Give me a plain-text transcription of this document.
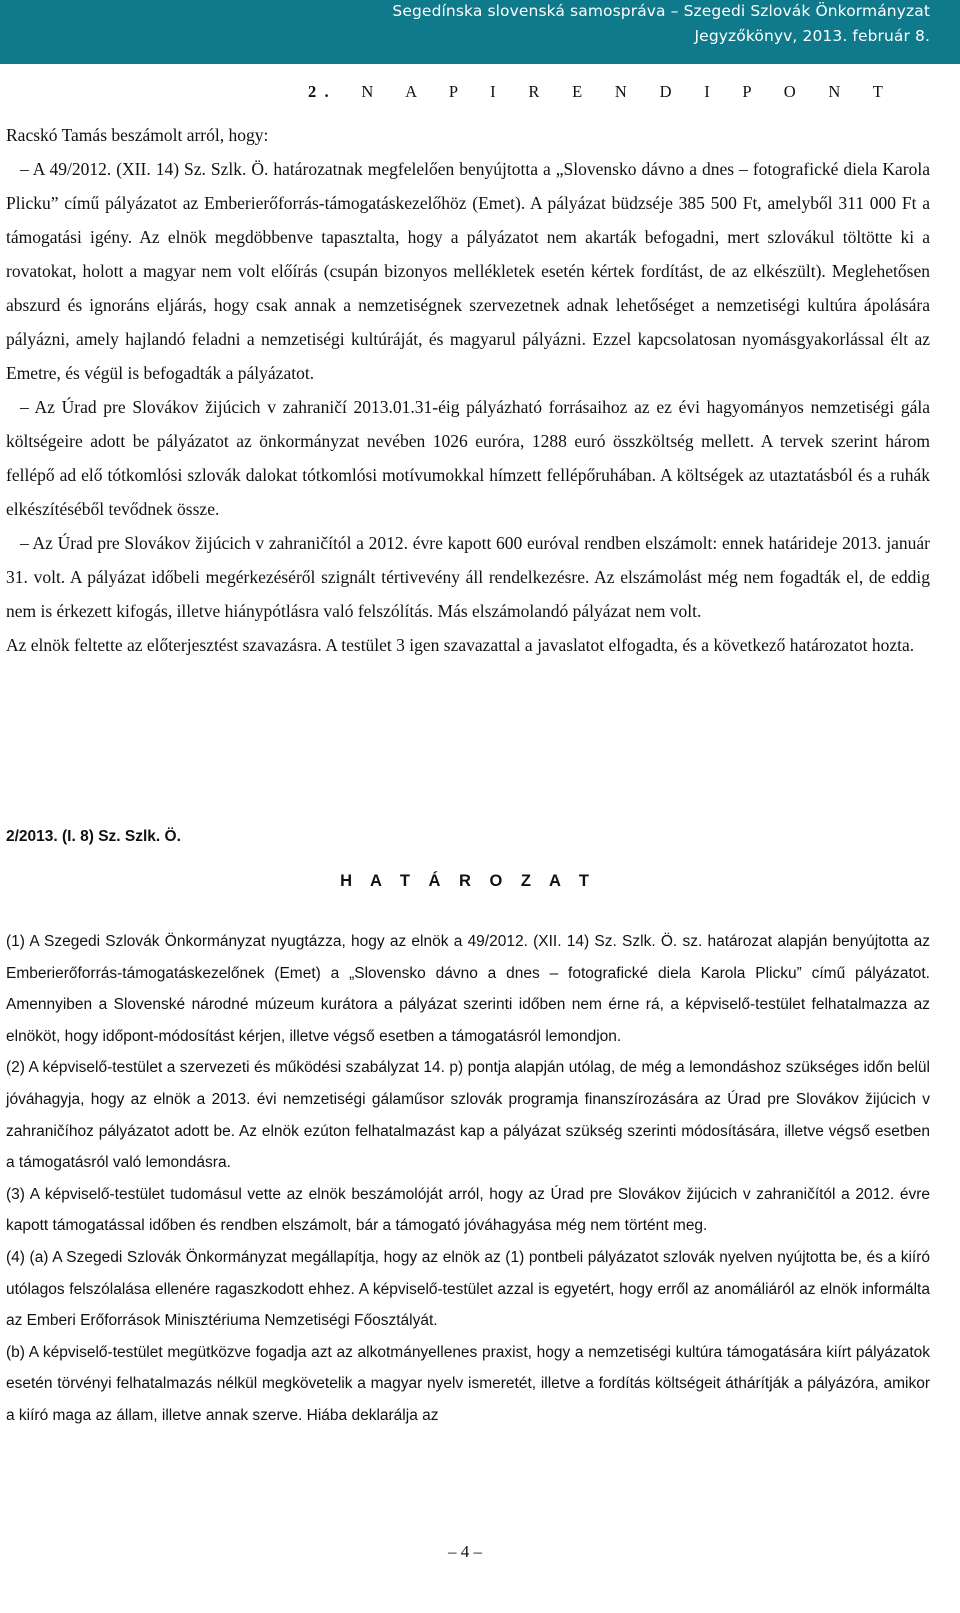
Segedínska slovenská samospráva – Szegedi Szlovák Önkormányzat
Jegyzőkönyv, 2013. február 8.
2. N A P I R E N D I P O N T

Racskó Tamás beszámolt arról, hogy:

– A 49/2012. (XII. 14) Sz. Szlk. Ö. határozatnak megfelelően benyújtotta a „Slovensko dávno a dnes – fotografické diela Karola Plicku” című pályázatot az Emberierőforrás-támogatáskezelőhöz (Emet). A pályázat büdzséje 385 500 Ft, amelyből 311 000 Ft a támogatási igény. Az elnök megdöbbenve tapasztalta, hogy a pályázatot nem akarták befogadni, mert szlovákul töltötte ki a rovatokat, holott a magyar nem volt előírás (csupán bizonyos mellékletek esetén kértek fordítást, de az elkészült). Meglehetősen abszurd és ignoráns eljárás, hogy csak annak a nemzetiségnek szervezetnek adnak lehetőséget a nemzetiségi kultúra ápolására pályázni, amely hajlandó feladni a nemzetiségi kultúráját, és magyarul pályázni. Ezzel kapcsolatosan nyomásgyakorlással élt az Emetre, és végül is befogadták a pályázatot.

– Az Úrad pre Slovákov žijúcich v zahraničí 2013.01.31-éig pályázható forrásaihoz az ez évi hagyományos nemzetiségi gála költségeire adott be pályázatot az önkormányzat nevében 1026 euróra, 1288 euró összköltség mellett. A tervek szerint három fellépő ad elő tótkomlósi szlovák dalokat tótkomlósi motívumokkal hímzett fellépőruhában. A költségek az utaztatásból és a ruhák elkészítéséből tevődnek össze.

– Az Úrad pre Slovákov žijúcich v zahraničítól a 2012. évre kapott 600 euróval rendben elszámolt: ennek határideje 2013. január 31. volt. A pályázat időbeli megérkezéséről szignált tértivevény áll rendelkezésre. Az elszámolást még nem fogadták el, de eddig nem is érkezett kifogás, illetve hiánypótlásra való felszólítás. Más elszámolandó pályázat nem volt.

Az elnök feltette az előterjesztést szavazásra. A testület 3 igen szavazattal a javaslatot elfogadta, és a következő határozatot hozta.

2/2013. (I. 8) Sz. Szlk. Ö.
H A T Á R O Z A T

(1) A Szegedi Szlovák Önkormányzat nyugtázza, hogy az elnök a 49/2012. (XII. 14) Sz. Szlk. Ö. sz. határozat alapján benyújtotta az Emberierőforrás-támogatáskezelőnek (Emet) a „Slovensko dávno a dnes – fotografické diela Karola Plicku” című pályázatot. Amennyiben a Slovenské národné múzeum kurátora a pályázat szerinti időben nem érne rá, a képviselő-testület felhatalmazza az elnököt, hogy időpont-módosítást kérjen, illetve végső esetben a támogatásról lemondjon.

(2) A képviselő-testület a szervezeti és működési szabályzat 14. p) pontja alapján utólag, de még a lemondáshoz szükséges időn belül jóváhagyja, hogy az elnök a 2013. évi nemzetiségi gálaműsor szlovák programja finanszírozására az Úrad pre Slovákov žijúcich v zahraničíhoz pályázatot adott be. Az elnök ezúton felhatalmazást kap a pályázat szükség szerinti módosítására, illetve végső esetben a támogatásról való lemondásra.

(3) A képviselő-testület tudomásul vette az elnök beszámolóját arról, hogy az Úrad pre Slovákov žijúcich v zahraničítól a 2012. évre kapott támogatással időben és rendben elszámolt, bár a támogató jóváhagyása még nem történt meg.

(4) (a) A Szegedi Szlovák Önkormányzat megállapítja, hogy az elnök az (1) pontbeli pályázatot szlovák nyelven nyújtotta be, és a kiíró utólagos felszólalása ellenére ragaszkodott ehhez. A képviselő-testület azzal is egyetért, hogy erről az anomáliáról az elnök informálta az Emberi Erőforrások Minisztériuma Nemzetiségi Főosztályát.

(b) A képviselő-testület megütközve fogadja azt az alkotmányellenes praxist, hogy a nemzetiségi kultúra támogatására kiírt pályázatok esetén törvényi felhatalmazás nélkül megkövetelik a magyar nyelv ismeretét, illetve a fordítás költségeit áthárítják a pályázóra, amikor a kiíró maga az állam, illetve annak szerve. Hiába deklarálja az

– 4 –
